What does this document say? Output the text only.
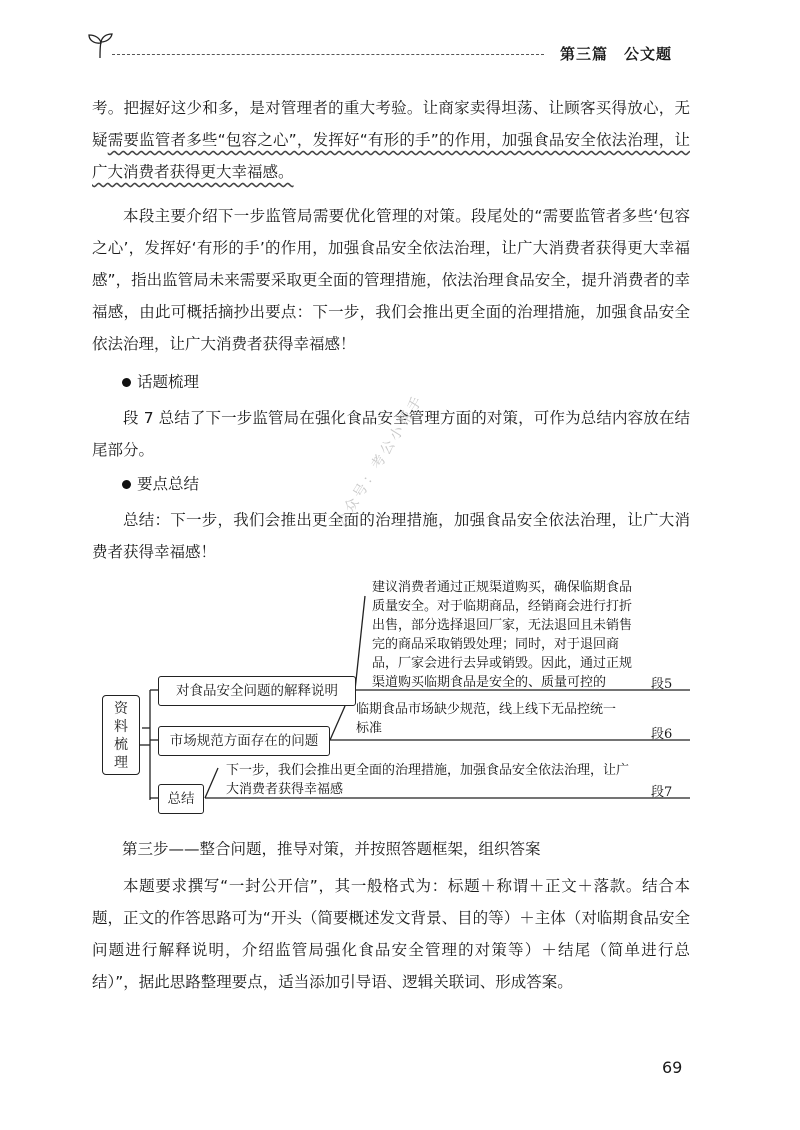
第三篇　公文题
考。把握好这少和多，是对管理者的重大考验。让商家卖得坦荡、让顾客买得放心，无疑需要监管者多些“包容之心”，发挥好“有形的手”的作用，加强食品安全依法治理，让广大消费者获得更大幸福感。
本段主要介绍下一步监管局需要优化管理的对策。段尾处的“需要监管者多些‘包容之心’，发挥好‘有形的手’的作用，加强食品安全依法治理，让广大消费者获得更大幸福感”，指出监管局未来需要采取更全面的管理措施，依法治理食品安全，提升消费者的幸福感，由此可概括摘抄出要点：下一步，我们会推出更全面的治理措施，加强食品安全依法治理，让广大消费者获得幸福感！
话题梳理
段 7 总结了下一步监管局在强化食品安全管理方面的对策，可作为总结内容放在结尾部分。
要点总结
总结：下一步，我们会推出更全面的治理措施，加强食品安全依法治理，让广大消费者获得幸福感！
公众号：考公小帮手
资料梳理
对食品安全问题的解释说明
市场规范方面存在的问题
总结
建议消费者通过正规渠道购买，确保临期食品质量安全。对于临期商品，经销商会进行打折出售，部分选择退回厂家，无法退回且未销售完的商品采取销毁处理；同时，对于退回商品，厂家会进行去异或销毁。因此，通过正规渠道购买临期食品是安全的、质量可控的
临期食品市场缺少规范，线上线下无品控统一标准
下一步，我们会推出更全面的治理措施，加强食品安全依法治理，让广大消费者获得幸福感
段5
段6
段7
第三步——整合问题，推导对策，并按照答题框架，组织答案
本题要求撰写“一封公开信”，其一般格式为：标题＋称谓＋正文＋落款。结合本题，正文的作答思路可为“开头（简要概述发文背景、目的等）＋主体（对临期食品安全问题进行解释说明，介绍监管局强化食品安全管理的对策等）＋结尾（简单进行总结）”，据此思路整理要点，适当添加引导语、逻辑关联词、形成答案。
69
